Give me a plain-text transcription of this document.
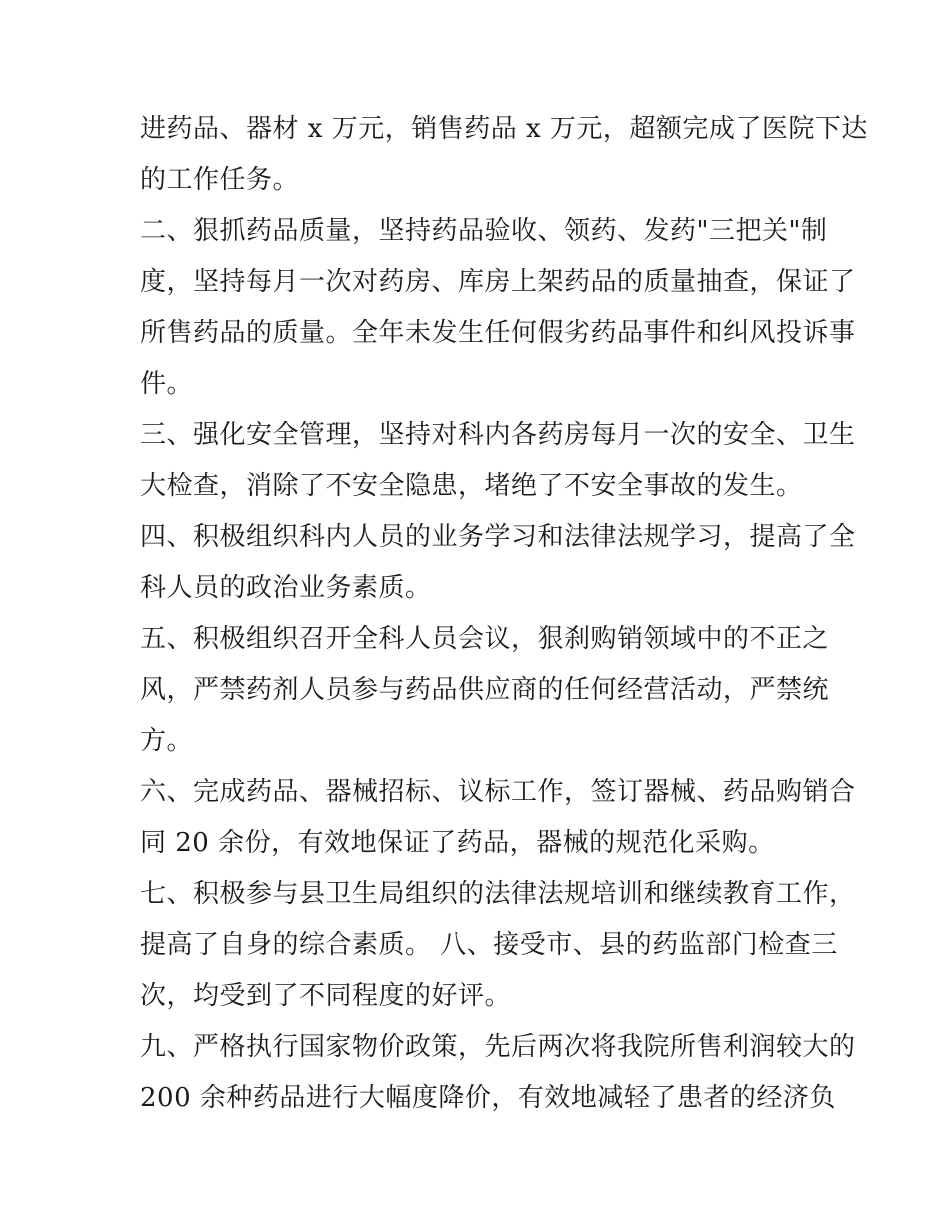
进药品、器材 x 万元，销售药品 x 万元，超额完成了医院下达
的工作任务。
二、狠抓药品质量，坚持药品验收、领药、发药"三把关"制
度，坚持每月一次对药房、库房上架药品的质量抽查，保证了
所售药品的质量。全年未发生任何假劣药品事件和纠风投诉事
件。
三、强化安全管理，坚持对科内各药房每月一次的安全、卫生
大检查，消除了不安全隐患，堵绝了不安全事故的发生。
四、积极组织科内人员的业务学习和法律法规学习，提高了全
科人员的政治业务素质。
五、积极组织召开全科人员会议，狠刹购销领域中的不正之
风，严禁药剂人员参与药品供应商的任何经营活动，严禁统
方。
六、完成药品、器械招标、议标工作，签订器械、药品购销合
同 20 余份，有效地保证了药品，器械的规范化采购。
七、积极参与县卫生局组织的法律法规培训和继续教育工作，
提高了自身的综合素质。 八、接受市、县的药监部门检查三
次，均受到了不同程度的好评。
九、严格执行国家物价政策，先后两次将我院所售利润较大的
200 余种药品进行大幅度降价，有效地减轻了患者的经济负
